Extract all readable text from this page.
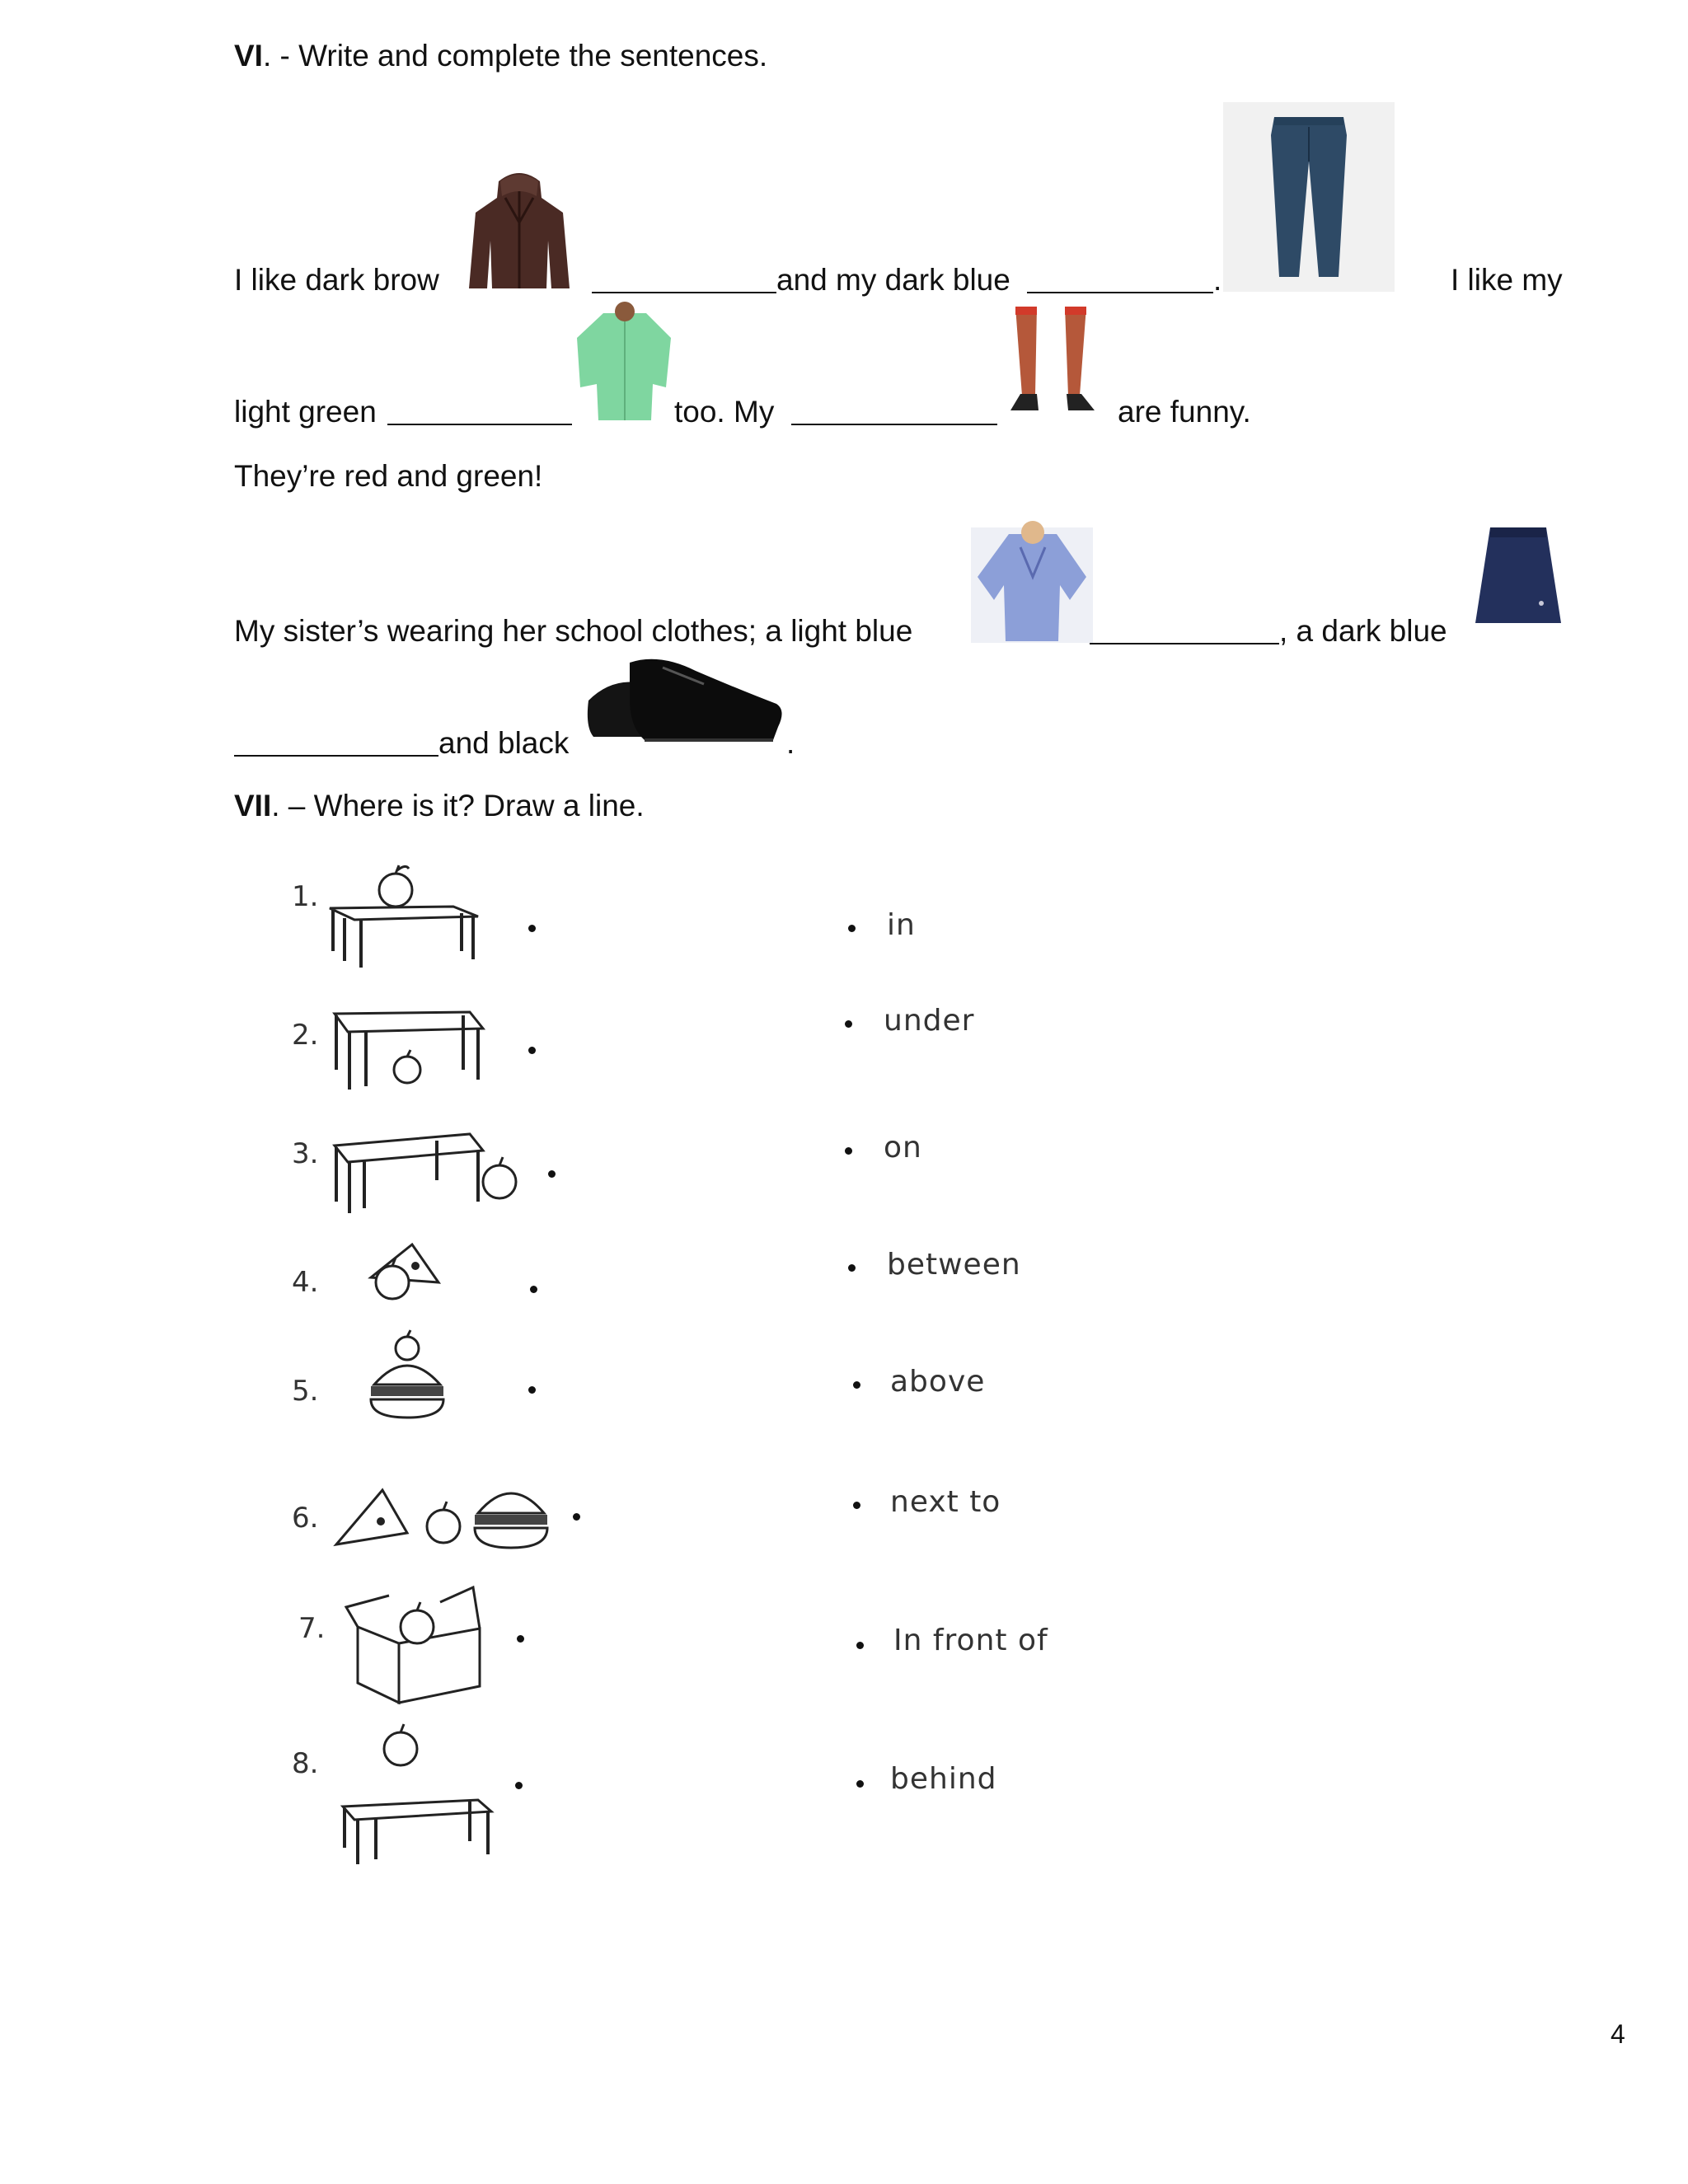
VI. - Write and complete the sentences.
I like dark brow	and my dark blue	.	I like my
light green	too. My	are funny.
They’re red and green!
My sister’s wearing her school clothes; a light blue	, a dark blue
and black	.
VII. – Where is it? Draw a line.
1.
2.
3.
4.
5.
6.
7.
8.
in
under
on
between
above
next to
In front of
behind
4
